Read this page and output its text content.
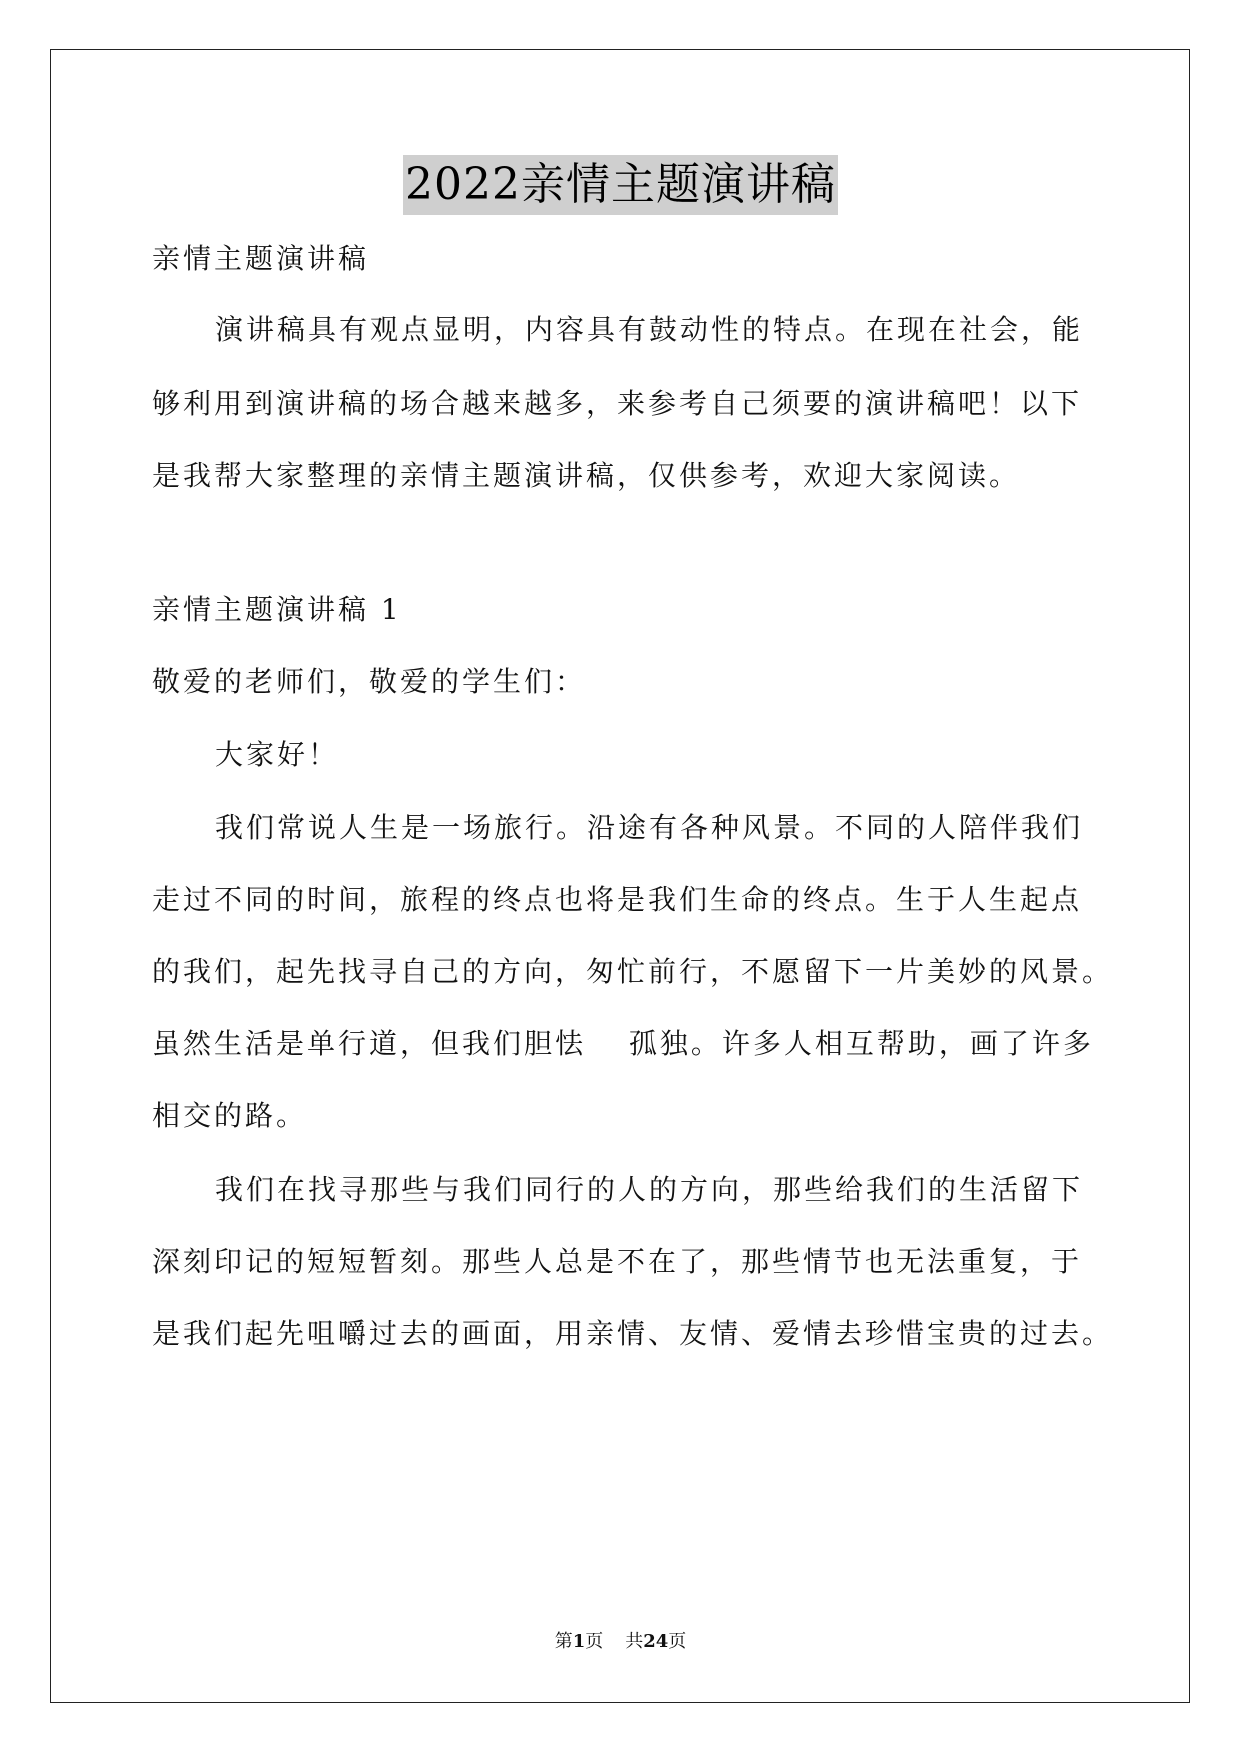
2022亲情主题演讲稿
亲情主题演讲稿
演讲稿具有观点显明，内容具有鼓动性的特点。在现在社会，能
够利用到演讲稿的场合越来越多，来参考自己须要的演讲稿吧！以下
是我帮大家整理的亲情主题演讲稿，仅供参考，欢迎大家阅读。
亲情主题演讲稿 1
敬爱的老师们，敬爱的学生们：
大家好！
我们常说人生是一场旅行。沿途有各种风景。不同的人陪伴我们
走过不同的时间，旅程的终点也将是我们生命的终点。生于人生起点
的我们，起先找寻自己的方向，匆忙前行，不愿留下一片美妙的风景。
虽然生活是单行道，但我们胆怯　 孤独。许多人相互帮助，画了许多
相交的路。
我们在找寻那些与我们同行的人的方向，那些给我们的生活留下
深刻印记的短短暂刻。那些人总是不在了，那些情节也无法重复，于
是我们起先咀嚼过去的画面，用亲情、友情、爱情去珍惜宝贵的过去。
第1页 共24页
